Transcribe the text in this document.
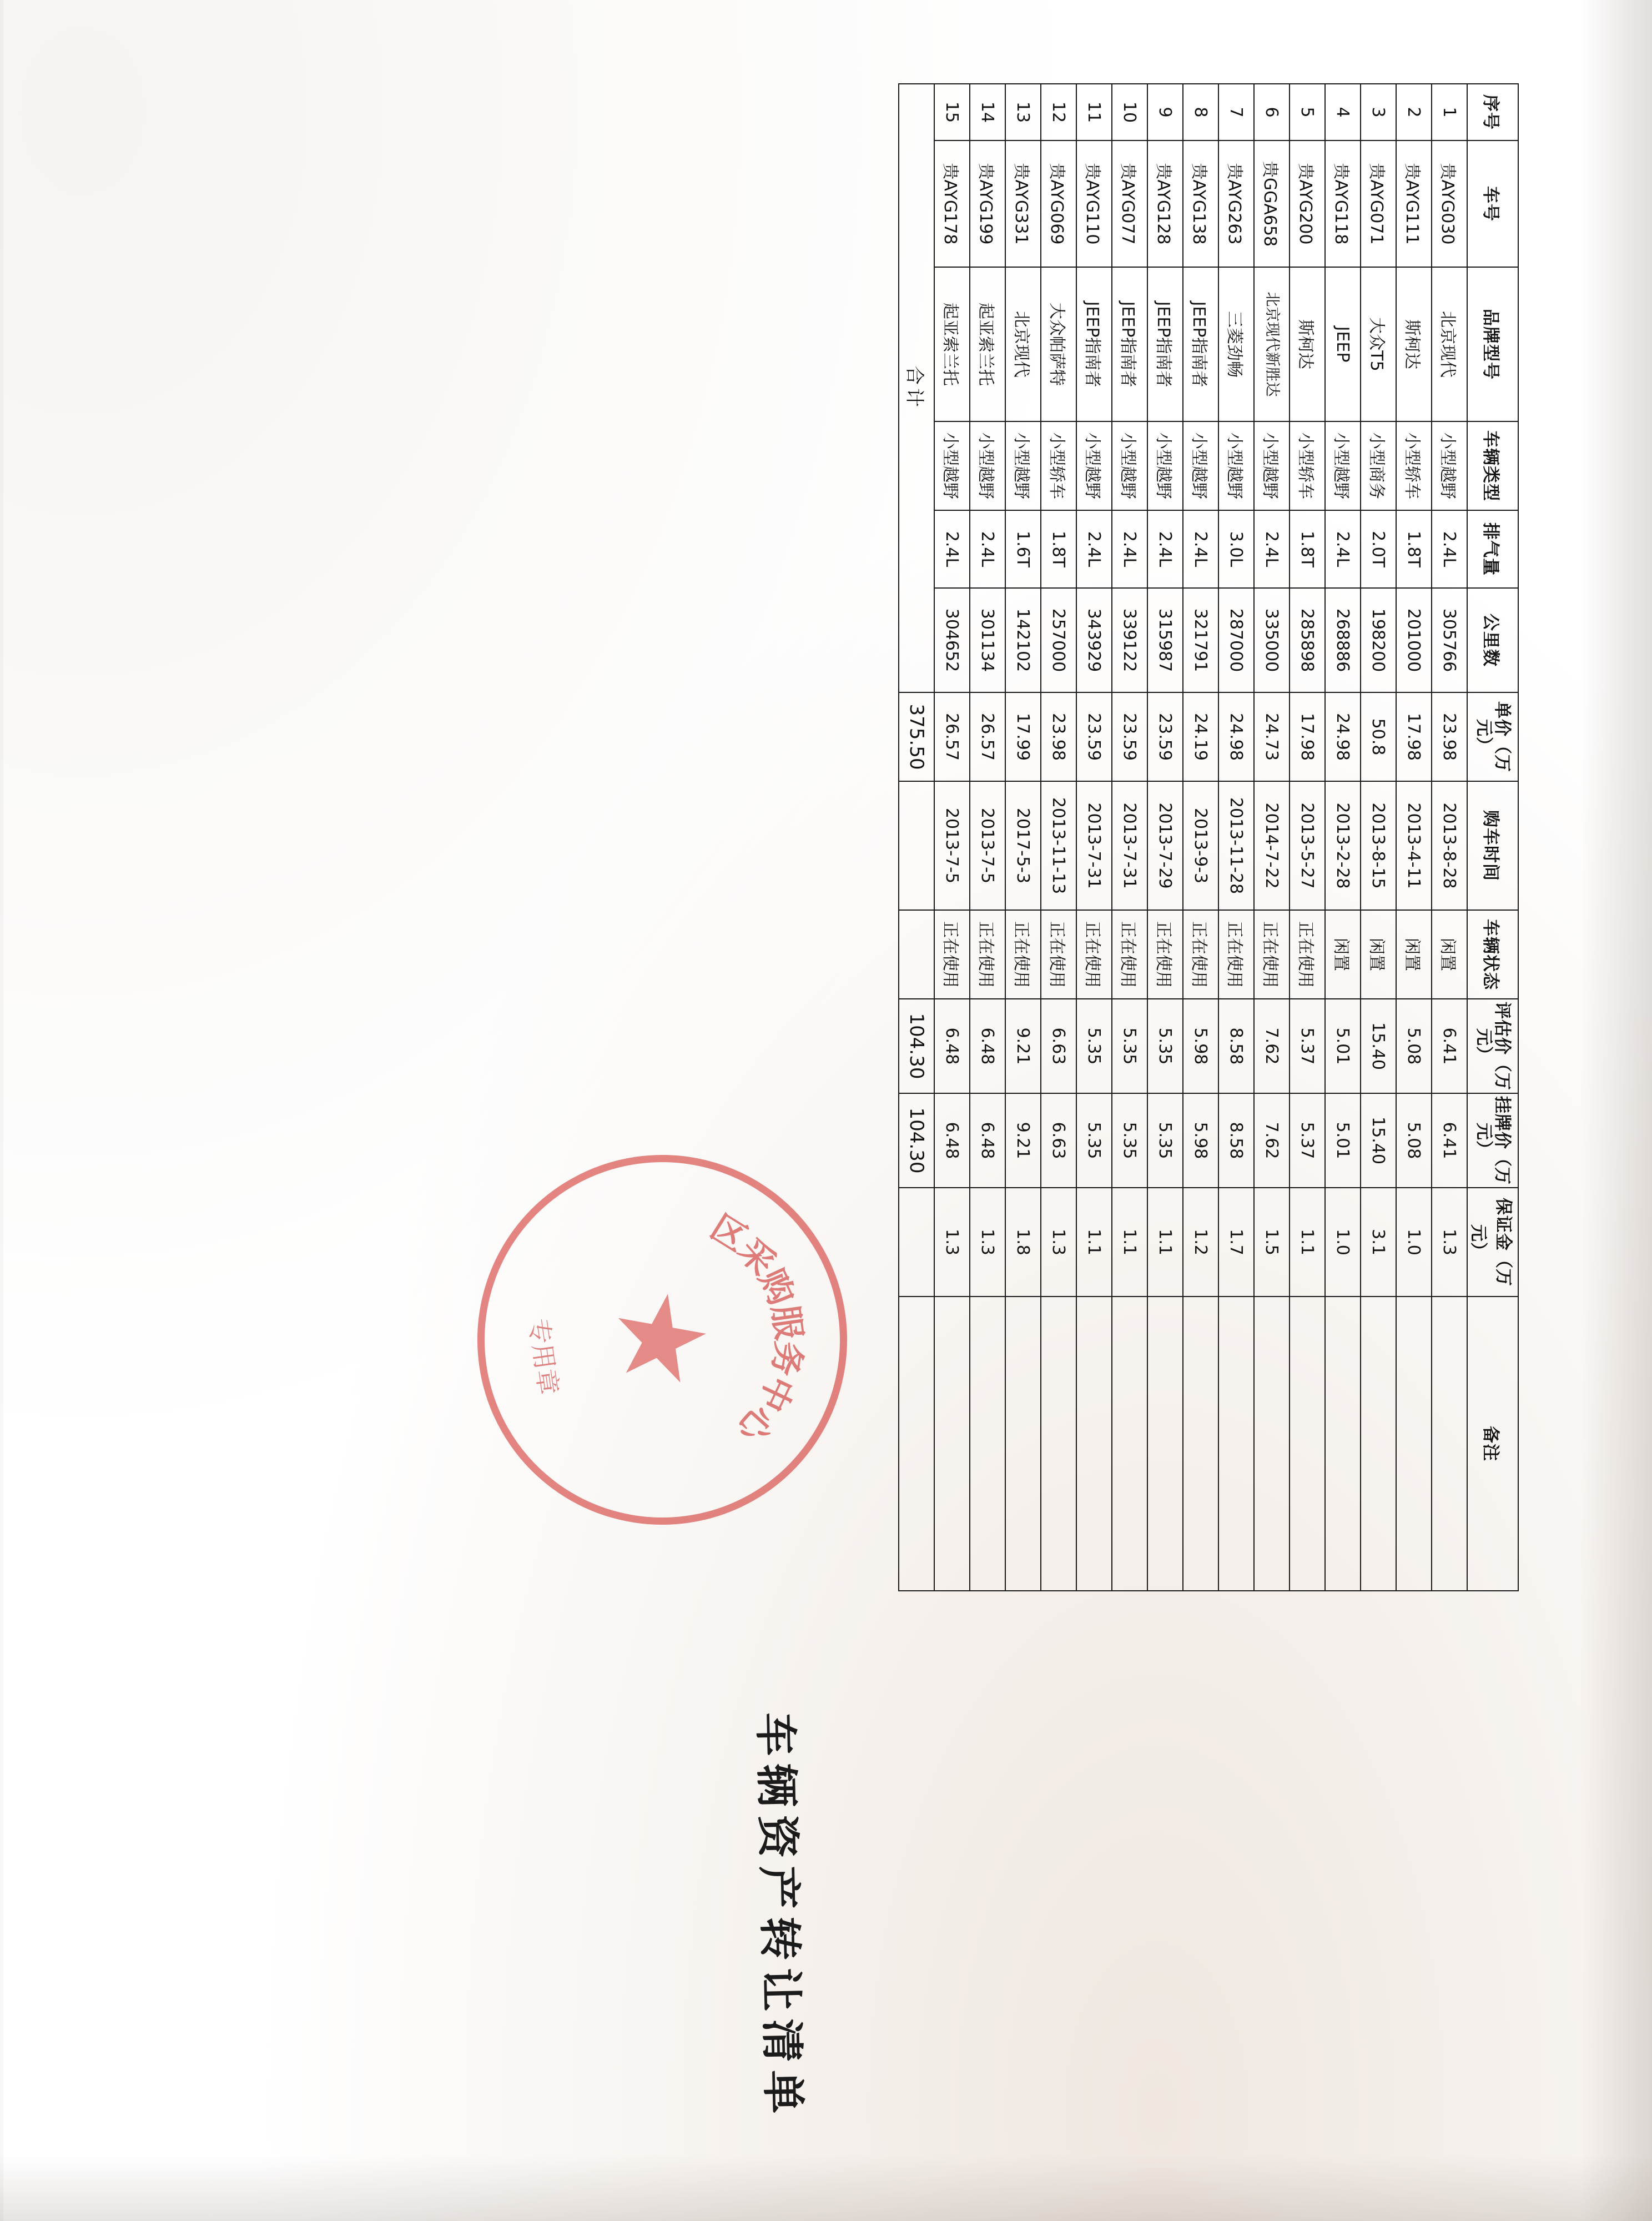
车辆资产转让清单
序号	车号	品牌型号	车辆类型	排气量	公里数	单价（万元）	购车时间	车辆状态	评估价（万元）	挂牌价（万元）	保证金（万元）	备注
1	贵AYG030	北京现代	小型越野	2.4L	305766	23.98	2013-8-28	闲置	6.41	6.41	1.3	
2	贵AYG111	斯柯达	小型轿车	1.8T	201000	17.98	2013-4-11	闲置	5.08	5.08	1.0	
3	贵AYG071	大众T5	小型商务	2.0T	198200	50.8	2013-8-15	闲置	15.40	15.40	3.1	
4	贵AYG118	JEEP	小型越野	2.4L	268886	24.98	2013-2-28	闲置	5.01	5.01	1.0	
5	贵AYG200	斯柯达	小型轿车	1.8T	285898	17.98	2013-5-27	正在使用	5.37	5.37	1.1	
6	贵GGA658	北京现代新胜达	小型越野	2.4L	335000	24.73	2014-7-22	正在使用	7.62	7.62	1.5	
7	贵AYG263	三菱劲畅	小型越野	3.0L	287000	24.98	2013-11-28	正在使用	8.58	8.58	1.7	
8	贵AYG138	JEEP指南者	小型越野	2.4L	321791	24.19	2013-9-3	正在使用	5.98	5.98	1.2	
9	贵AYG128	JEEP指南者	小型越野	2.4L	315987	23.59	2013-7-29	正在使用	5.35	5.35	1.1	
10	贵AYG077	JEEP指南者	小型越野	2.4L	339122	23.59	2013-7-31	正在使用	5.35	5.35	1.1	
11	贵AYG110	JEEP指南者	小型越野	2.4L	343929	23.59	2013-7-31	正在使用	5.35	5.35	1.1	
12	贵AYG069	大众帕萨特	小型轿车	1.8T	257000	23.98	2013-11-13	正在使用	6.63	6.63	1.3	
13	贵AYG331	北京现代	小型越野	1.6T	142102	17.99	2017-5-3	正在使用	9.21	9.21	1.8	
14	贵AYG199	起亚索兰托	小型越野	2.4L	301134	26.57	2013-7-5	正在使用	6.48	6.48	1.3	
15	贵AYG178	起亚索兰托	小型越野	2.4L	304652	26.57	2013-7-5	正在使用	6.48	6.48	1.3	
合计						375.50			104.30	104.30		
区
采
购
服
务
中
心
★
专用章
